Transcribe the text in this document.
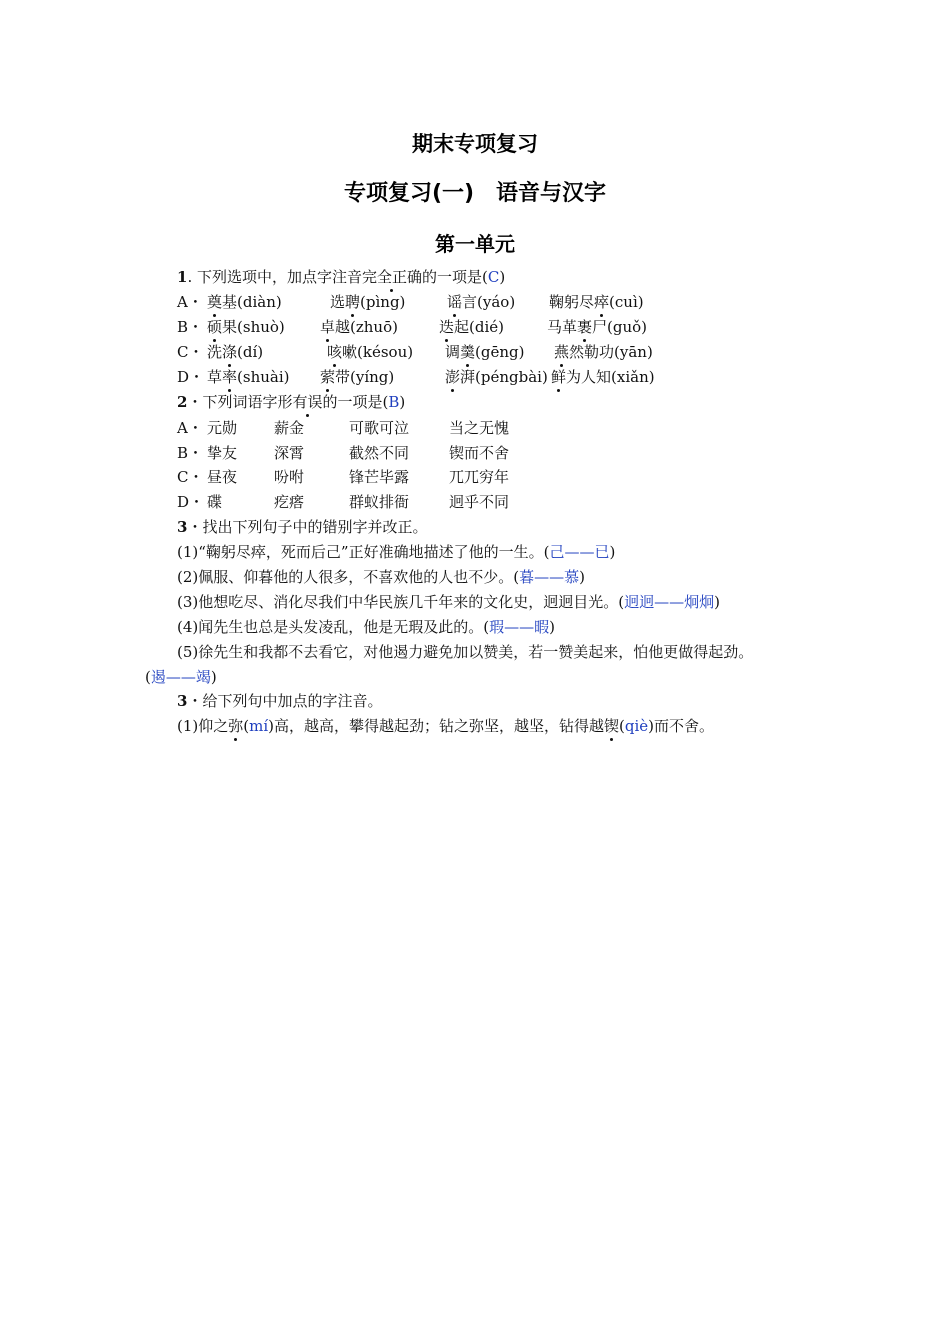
期末专项复习
专项复习(一)　语音与汉字
第一单元
1. 下列选项中，加点字注音完全正确的一项是(C)
A・ 奠基(diàn)	选聘(pìng)	谣言(yáo) 鞠躬尽瘁(cuì)
B・ 硕果(shuò) 卓越(zhuō)	迭起(dié)	马革裹尸(guǒ)
C・ 洗涤(dí)	咳嗽(késou) 调羹(gēng) 燕然勒功(yān)
D・ 草率(shuài) 萦带(yíng)	澎湃(péngbài) 鲜为人知(xiǎn)
2・下列词语字形有误的一项是(B)
A・ 元勋 薪金	可歌可泣	当之无愧
B・ 挚友 深霄	截然不同	锲而不舍
C・ 昼夜 吩咐	锋芒毕露	兀兀穷年
D・ 碟	疙瘩	群蚁排衙	迥乎不同
3・找出下列句子中的错别字并改正。
(1)“鞠躬尽瘁，死而后己”正好准确地描述了他的一生。(己——已)
(2)佩服、仰暮他的人很多，不喜欢他的人也不少。(暮——慕)
(3)他想吃尽、消化尽我们中华民族几千年来的文化史，迥迥目光。(迥迥——炯炯)
(4)闻先生也总是头发凌乱，他是无瑕及此的。(瑕——暇)
(5)徐先生和我都不去看它，对他遏力避免加以赞美，若一赞美起来，怕他更做得起劲。
(遏——竭)
3・给下列句中加点的字注音。
(1)仰之弥(mí)高，越高，攀得越起劲；钻之弥坚，越坚，钻得越锲(qiè)而不舍。
